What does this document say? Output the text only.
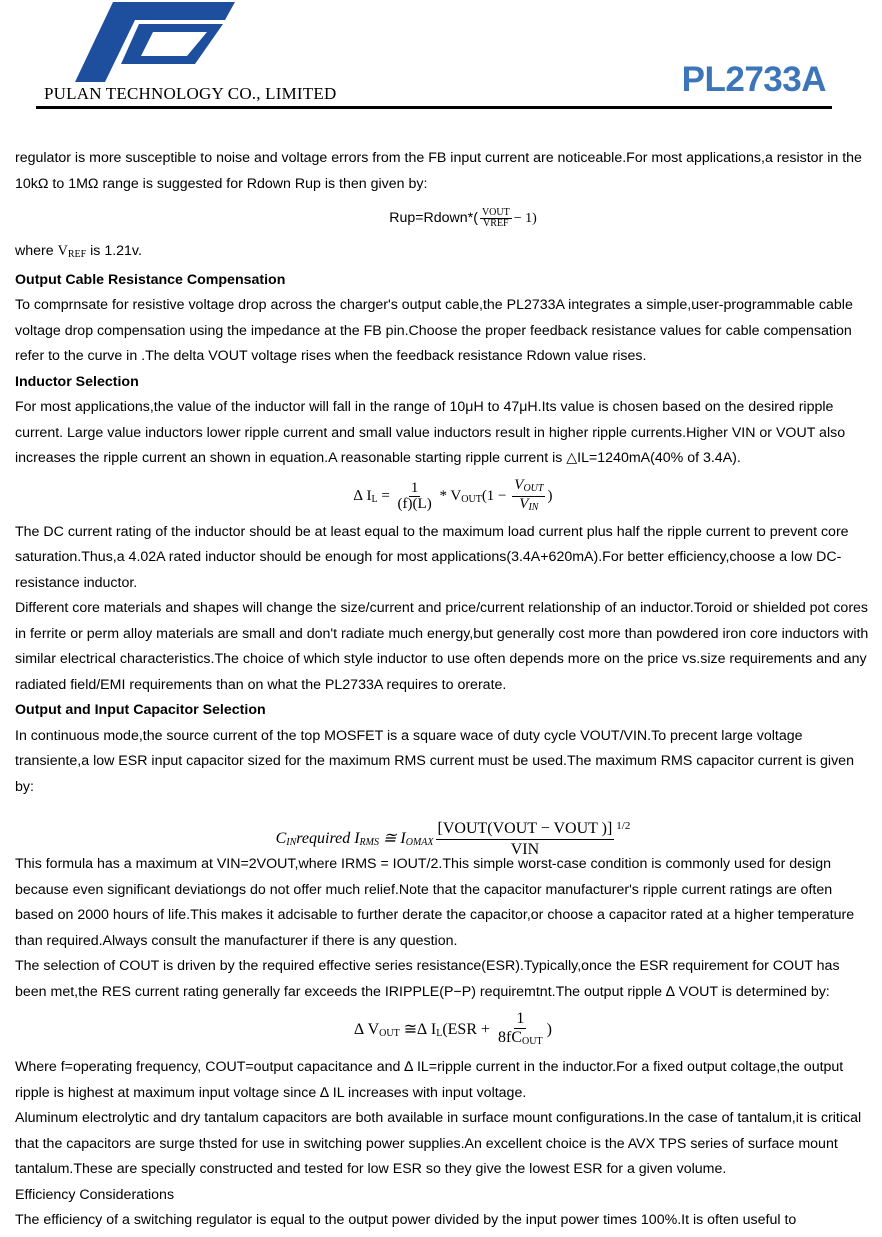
PULAN TECHNOLOGY CO., LIMITED	PL2733A

regulator is more susceptible to noise and voltage errors from the FB input current are noticeable.For most applications,a resistor in the 10kΩ to 1MΩ range is suggested for Rdown Rup is then given by:

Rup=Rdown*( $\frac{\text{VOUT}}{\text{VREF}} - 1$)

where $V_{REF}$ is 1.21v.

Output Cable Resistance Compensation

To comprnsate for resistive voltage drop across the charger's output cable,the PL2733A integrates a simple,user-programmable cable voltage drop compensation using the impedance at the FB pin.Choose the proper feedback resistance values for cable compensation refer to the curve in .The delta VOUT voltage rises when the feedback resistance Rdown value rises.

Inductor Selection

For most applications,the value of the inductor will fall in the range of 10μH to 47μH.Its value is chosen based on the desired ripple current. Large value inductors lower ripple current and small value inductors result in higher ripple currents.Higher VIN or VOUT also increases the ripple current an shown in equation.A reasonable starting ripple current is △IL=1240mA(40% of 3.4A).

∆ $I_L = \frac{1}{(f)(L)} * V_{OUT}(1 - \frac{V_{OUT}}{V_{IN}}$ )

The DC current rating of the inductor should be at least equal to the maximum load current plus half the ripple current to prevent core saturation.Thus,a 4.02A rated inductor should be enough for most applications(3.4A+620mA).For better efficiency,choose a low DC-resistance inductor.

Different core materials and shapes will change the size/current and price/current relationship of an inductor.Toroid or shielded pot cores in ferrite or perm alloy materials are small and don't radiate much energy,but generally cost more than powdered iron core inductors with similar electrical characteristics.The choice of which style inductor to use often depends more on the price vs.size requirements and any radiated field/EMI requirements than on what the PL2733A requires to orerate.

Output and Input Capacitor Selection

In continuous mode,the source current of the top MOSFET is a square wace of duty cycle VOUT/VIN.To precent large voltage transiente,a low ESR input capacitor sized for the maximum RMS current must be used.The maximum RMS capacitor current is given by:

$C_{IN}required$ $I_{RMS}$ ≅ $I_{OMAX} \frac{\text{[VOUT(VOUT − VOUT )]}}{\text{VIN}} ^{1/2}$

This formula has a maximum at VIN=2VOUT,where IRMS = IOUT/2.This simple worst-case condition is commonly used for design because even significant deviationgs do not offer much relief.Note that the capacitor manufacturer's ripple current ratings are often based on 2000 hours of life.This makes it adcisable to further derate the capacitor,or choose a capacitor rated at a higher temperature than required.Always consult the manufacturer if there is any question.

The selection of COUT is driven by the required effective series resistance(ESR).Typically,once the ESR requirement for COUT has been met,the RES current rating generally far exceeds the IRIPPLE(P−P) requiremtnt.The output ripple ∆ VOUT is determined by:

∆ $V_{OUT}$ ≅∆ $I_L(ESR + \frac{1}{8fC_{OUT}}$ )

Where f=operating frequency, COUT=output capacitance and ∆ IL=ripple current in the inductor.For a fixed output coltage,the output ripple is highest at maximum input voltage since ∆ IL increases with input voltage.

Aluminum electrolytic and dry tantalum capacitors are both available in surface mount configurations.In the case of tantalum,it is critical that the capacitors are surge thsted for use in switching power supplies.An excellent choice is the AVX TPS series of surface mount tantalum.These are specially constructed and tested for low ESR so they give the lowest ESR for a given volume.

Efficiency Considerations

The efficiency of a switching regulator is equal to the output power divided by the input power times 100%.It is often useful to
